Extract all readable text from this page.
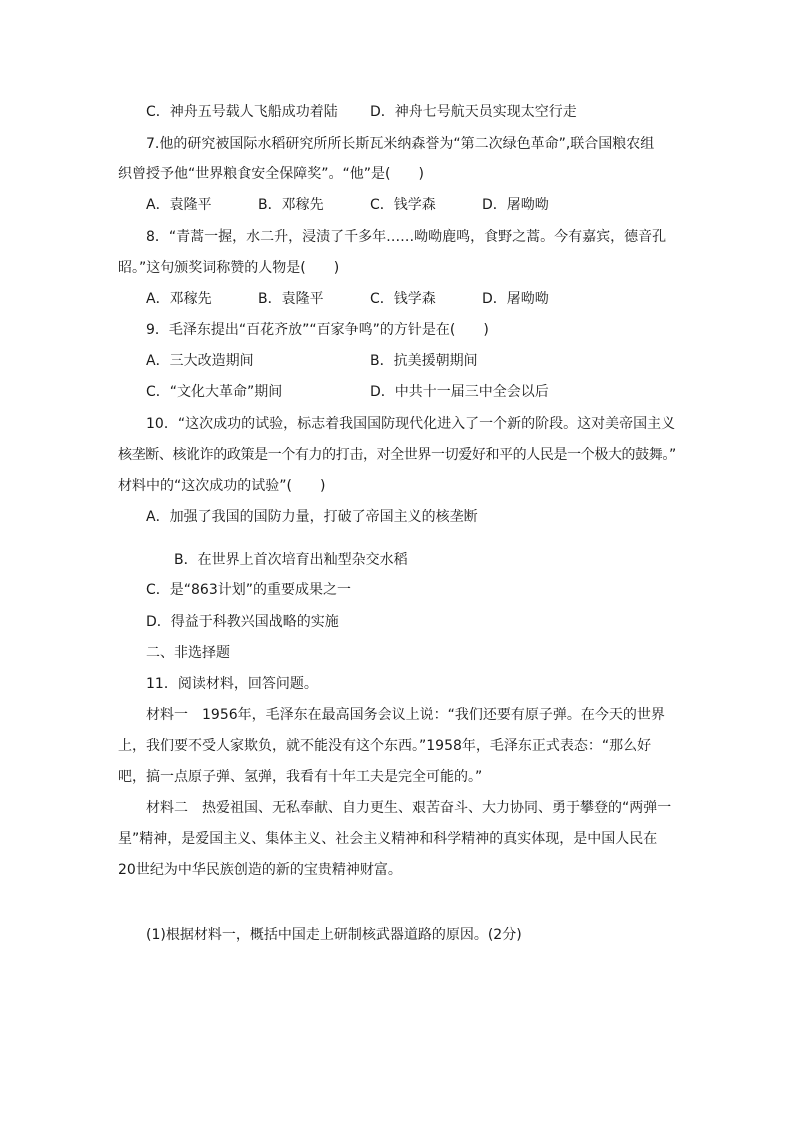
C．神舟五号载人飞船成功着陆 D．神舟七号航天员实现太空行走
7.他的研究被国际水稻研究所所长斯瓦米纳森誉为“第二次绿色革命”,联合国粮农组
织曾授予他“世界粮食安全保障奖”。“他”是(　　)
A．袁隆平	B．邓稼先	C．钱学森	D．屠呦呦
8．“青蒿一握，水二升，浸渍了千多年……呦呦鹿鸣，食野之蒿。今有嘉宾，德音孔
昭。”这句颁奖词称赞的人物是(　　)
A．邓稼先	B．袁隆平	C．钱学森	D．屠呦呦
9．毛泽东提出“百花齐放”“百家争鸣”的方针是在(　　)
A．三大改造期间	B．抗美援朝期间
C．“文化大革命”期间	D．中共十一届三中全会以后
10．“这次成功的试验，标志着我国国防现代化进入了一个新的阶段。这对美帝国主义
核垄断、核讹诈的政策是一个有力的打击，对全世界一切爱好和平的人民是一个极大的鼓舞。”
材料中的“这次成功的试验”(　　)
A．加强了我国的国防力量，打破了帝国主义的核垄断
B．在世界上首次培育出籼型杂交水稻
C．是“863计划”的重要成果之一
D．得益于科教兴国战略的实施
二、非选择题
11．阅读材料，回答问题。
材料一　1956年，毛泽东在最高国务会议上说：“我们还要有原子弹。在今天的世界
上，我们要不受人家欺负，就不能没有这个东西。”1958年，毛泽东正式表态：“那么好
吧，搞一点原子弹、氢弹，我看有十年工夫是完全可能的。”
材料二　热爱祖国、无私奉献、自力更生、艰苦奋斗、大力协同、勇于攀登的“两弹一
星”精神，是爱国主义、集体主义、社会主义精神和科学精神的真实体现，是中国人民在
20世纪为中华民族创造的新的宝贵精神财富。
(1)根据材料一，概括中国走上研制核武器道路的原因。(2分)
